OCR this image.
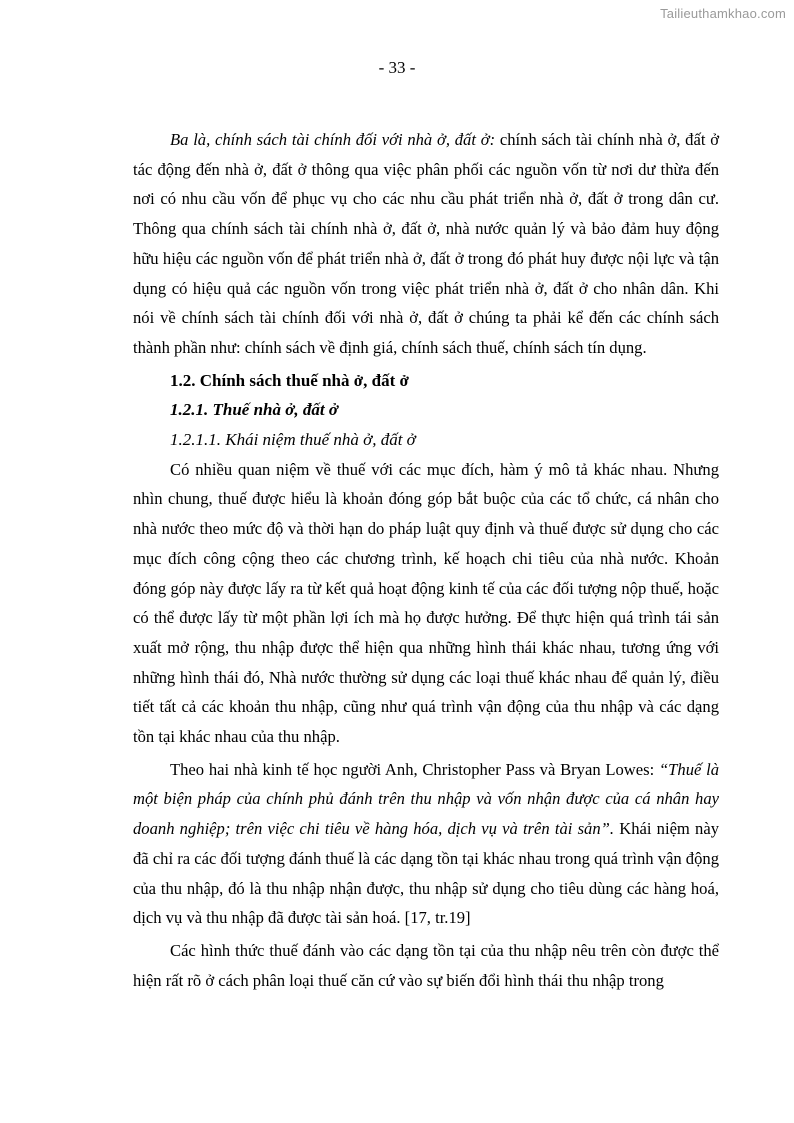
Tailieuthamkhao.com
- 33 -

Ba là, chính sách tài chính đối với nhà ở, đất ở: chính sách tài chính nhà ở, đất ở tác động đến nhà ở, đất ở thông qua việc phân phối các nguồn vốn từ nơi dư thừa đến nơi có nhu cầu vốn để phục vụ cho các nhu cầu phát triển nhà ở, đất ở trong dân cư. Thông qua chính sách tài chính nhà ở, đất ở, nhà nước quản lý và bảo đảm huy động hữu hiệu các nguồn vốn để phát triển nhà ở, đất ở trong đó phát huy được nội lực và tận dụng có hiệu quả các nguồn vốn trong việc phát triển nhà ở, đất ở cho nhân dân. Khi nói về chính sách tài chính đối với nhà ở, đất ở chúng ta phải kể đến các chính sách thành phần như: chính sách về định giá, chính sách thuế, chính sách tín dụng.

1.2. Chính sách thuế nhà ở, đất ở

1.2.1. Thuế nhà ở, đất ở

1.2.1.1. Khái niệm thuế nhà ở, đất ở

Có nhiều quan niệm về thuế với các mục đích, hàm ý mô tả khác nhau. Nhưng nhìn chung, thuế được hiểu là khoản đóng góp bắt buộc của các tổ chức, cá nhân cho nhà nước theo mức độ và thời hạn do pháp luật quy định và thuế được sử dụng cho các mục đích công cộng theo các chương trình, kế hoạch chi tiêu của nhà nước. Khoản đóng góp này được lấy ra từ kết quả hoạt động kinh tế của các đối tượng nộp thuế, hoặc có thể được lấy từ một phần lợi ích mà họ được hưởng. Để thực hiện quá trình tái sản xuất mở rộng, thu nhập được thể hiện qua những hình thái khác nhau, tương ứng với những hình thái đó, Nhà nước thường sử dụng các loại thuế khác nhau để quản lý, điều tiết tất cả các khoản thu nhập, cũng như quá trình vận động của thu nhập và các dạng tồn tại khác nhau của thu nhập.

Theo hai nhà kinh tế học người Anh, Christopher Pass và Bryan Lowes: “Thuế là một biện pháp của chính phủ đánh trên thu nhập và vốn nhận được của cá nhân hay doanh nghiệp; trên việc chi tiêu về hàng hóa, dịch vụ và trên tài sản”. Khái niệm này đã chỉ ra các đối tượng đánh thuế là các dạng tồn tại khác nhau trong quá trình vận động của thu nhập, đó là thu nhập nhận được, thu nhập sử dụng cho tiêu dùng các hàng hoá, dịch vụ và thu nhập đã được tài sản hoá. [17, tr.19]

Các hình thức thuế đánh vào các dạng tồn tại của thu nhập nêu trên còn được thể hiện rất rõ ở cách phân loại thuế căn cứ vào sự biến đổi hình thái thu nhập trong
